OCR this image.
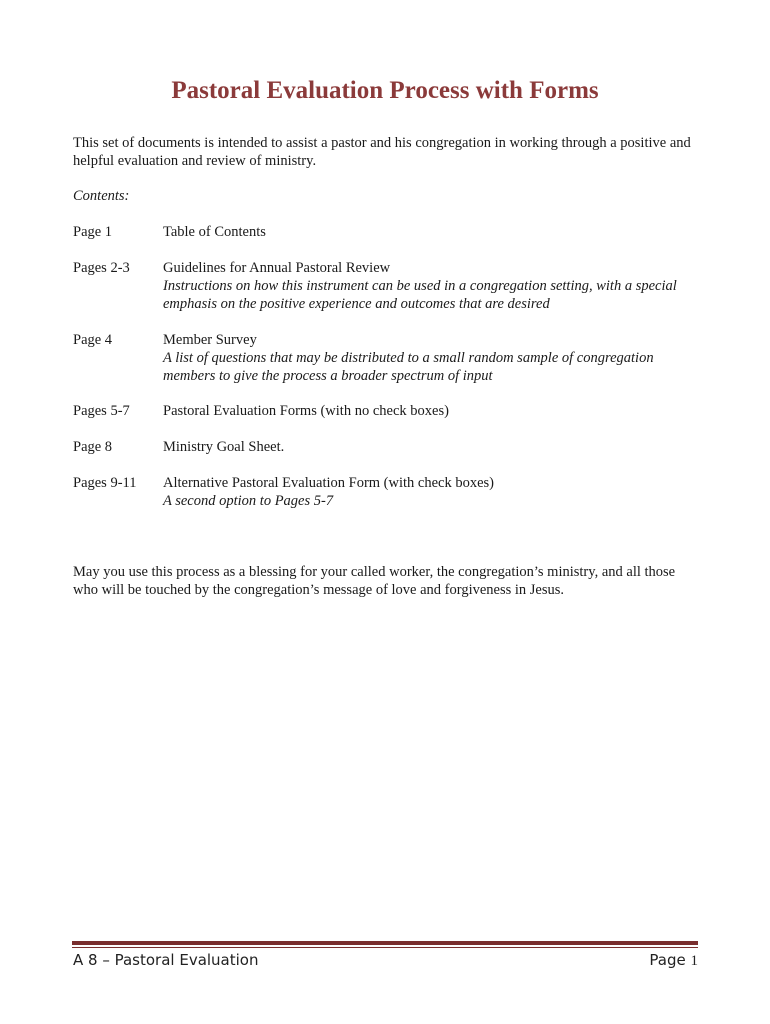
Pastoral Evaluation Process with Forms
This set of documents is intended to assist a pastor and his congregation in working through a positive and helpful evaluation and review of ministry.
Contents:
Page 1	Table of Contents
Pages 2-3	Guidelines for Annual Pastoral Review
Instructions on how this instrument can be used in a congregation setting, with a special emphasis on the positive experience and outcomes that are desired
Page 4	Member Survey
A list of questions that may be distributed to a small random sample of congregation members to give the process a broader spectrum of input
Pages 5-7	Pastoral Evaluation Forms (with no check boxes)
Page 8	Ministry Goal Sheet.
Pages 9-11	Alternative Pastoral Evaluation Form (with check boxes)
A second option to Pages 5-7
May you use this process as a blessing for your called worker, the congregation’s ministry, and all those who will be touched by the congregation’s message of love and forgiveness in Jesus.
A 8 – Pastoral Evaluation	Page 1
